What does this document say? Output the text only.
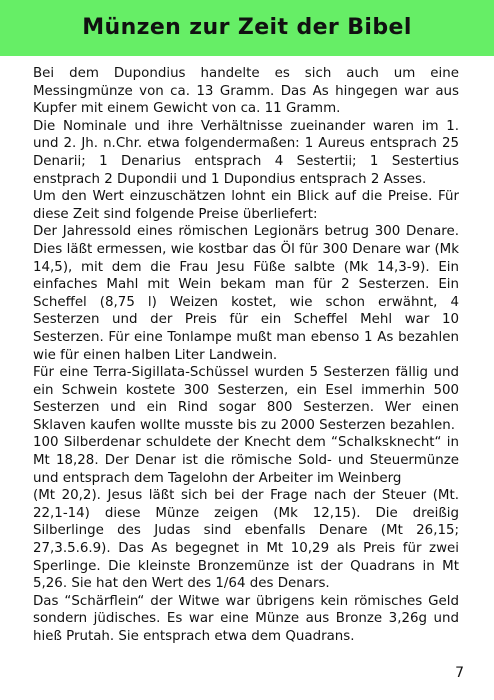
Münzen zur Zeit der Bibel

Bei dem Dupondius handelte es sich auch um eine Messingmünze von ca. 13 Gramm. Das As hingegen war aus Kupfer mit einem Gewicht von ca. 11 Gramm.

Die Nominale und ihre Verhältnisse zueinander waren im 1. und 2. Jh. n.Chr. etwa folgendermaßen: 1 Aureus entsprach 25 Denarii; 1 Denarius entsprach 4 Sestertii; 1 Sestertius enstprach 2 Dupondii und 1 Dupondius entsprach 2 Asses.

Um den Wert einzuschätzen lohnt ein Blick auf die Preise. Für diese Zeit sind folgende Preise überliefert:

Der Jahressold eines römischen Legionärs betrug 300 Denare. Dies läßt ermessen, wie kostbar das Öl für 300 Denare war (Mk 14,5), mit dem die Frau Jesu Füße salbte (Mk 14,3-9). Ein einfaches Mahl mit Wein bekam man für 2 Sesterzen. Ein Scheffel (8,75 l) Weizen kostet, wie schon erwähnt, 4 Sesterzen und der Preis für ein Scheffel Mehl war 10 Sesterzen. Für eine Tonlampe mußt man ebenso 1 As bezahlen wie für einen halben Liter Landwein.

Für eine Terra-Sigillata-Schüssel wurden 5 Sesterzen fällig und ein Schwein kostete 300 Sesterzen, ein Esel immerhin 500 Sesterzen und ein Rind sogar 800 Sesterzen. Wer einen Sklaven kaufen wollte musste bis zu 2000 Sesterzen bezahlen.

100 Silberdenar schuldete der Knecht dem “Schalksknecht“ in Mt 18,28. Der Denar ist die römische Sold- und Steuermünze und entsprach dem Tagelohn der Arbeiter im Weinberg

(Mt 20,2). Jesus läßt sich bei der Frage nach der Steuer (Mt. 22,1-14) diese Münze zeigen (Mk 12,15). Die dreißig Silberlinge des Judas sind ebenfalls Denare (Mt 26,15; 27,3.5.6.9). Das As begegnet in Mt 10,29 als Preis für zwei Sperlinge. Die kleinste Bronzemünze ist der Quadrans in Mt 5,26. Sie hat den Wert des 1/64 des Denars.

Das “Schärflein“ der Witwe war übrigens kein römisches Geld sondern jüdisches. Es war eine Münze aus Bronze 3,26g und hieß Prutah. Sie entsprach etwa dem Quadrans.

7
